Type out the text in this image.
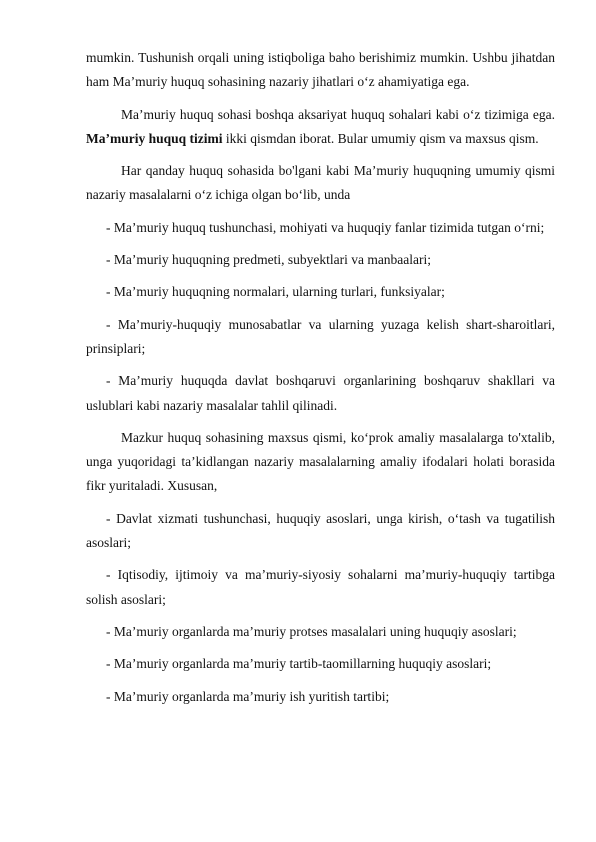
mumkin. Tushunish orqali uning istiqboliga baho berishimiz mumkin. Ushbu jihatdan ham Ma’muriy huquq sohasining nazariy jihatlari o‘z ahamiyatiga ega.

Ma’muriy huquq sohasi boshqa aksariyat huquq sohalari kabi o‘z tizimiga ega. Ma’muriy huquq tizimi ikki qismdan iborat. Bular umumiy qism va maxsus qism.

Har qanday huquq sohasida bo'lgani kabi Ma’muriy huquqning umumiy qismi nazariy masalalarni o‘z ichiga olgan bo‘lib, unda

- Ma’muriy huquq tushunchasi, mohiyati va huquqiy fanlar tizimida tutgan o‘rni;

- Ma’muriy huquqning predmeti, subyektlari va manbaalari;

- Ma’muriy huquqning normalari, ularning turlari, funksiyalar;

- Ma’muriy-huquqiy munosabatlar va ularning yuzaga kelish shart-sharoitlari, prinsiplari;

- Ma’muriy huquqda davlat boshqaruvi organlarining boshqaruv shakllari va uslublari kabi nazariy masalalar tahlil qilinadi.

Mazkur huquq sohasining maxsus qismi, ko‘prok amaliy masalalarga to'xtalib, unga yuqoridagi ta’kidlangan nazariy masalalarning amaliy ifodalari holati borasida fikr yuritaladi. Xususan,

- Davlat xizmati tushunchasi, huquqiy asoslari, unga kirish, o‘tash va tugatilish asoslari;

- Iqtisodiy, ijtimoiy va ma’muriy-siyosiy sohalarni ma’muriy-huquqiy tartibga solish asoslari;

- Ma’muriy organlarda ma’muriy protses masalalari uning huquqiy asoslari;

- Ma’muriy organlarda ma’muriy tartib-taomillarning huquqiy asoslari;

- Ma’muriy organlarda ma’muriy ish yuritish tartibi;
